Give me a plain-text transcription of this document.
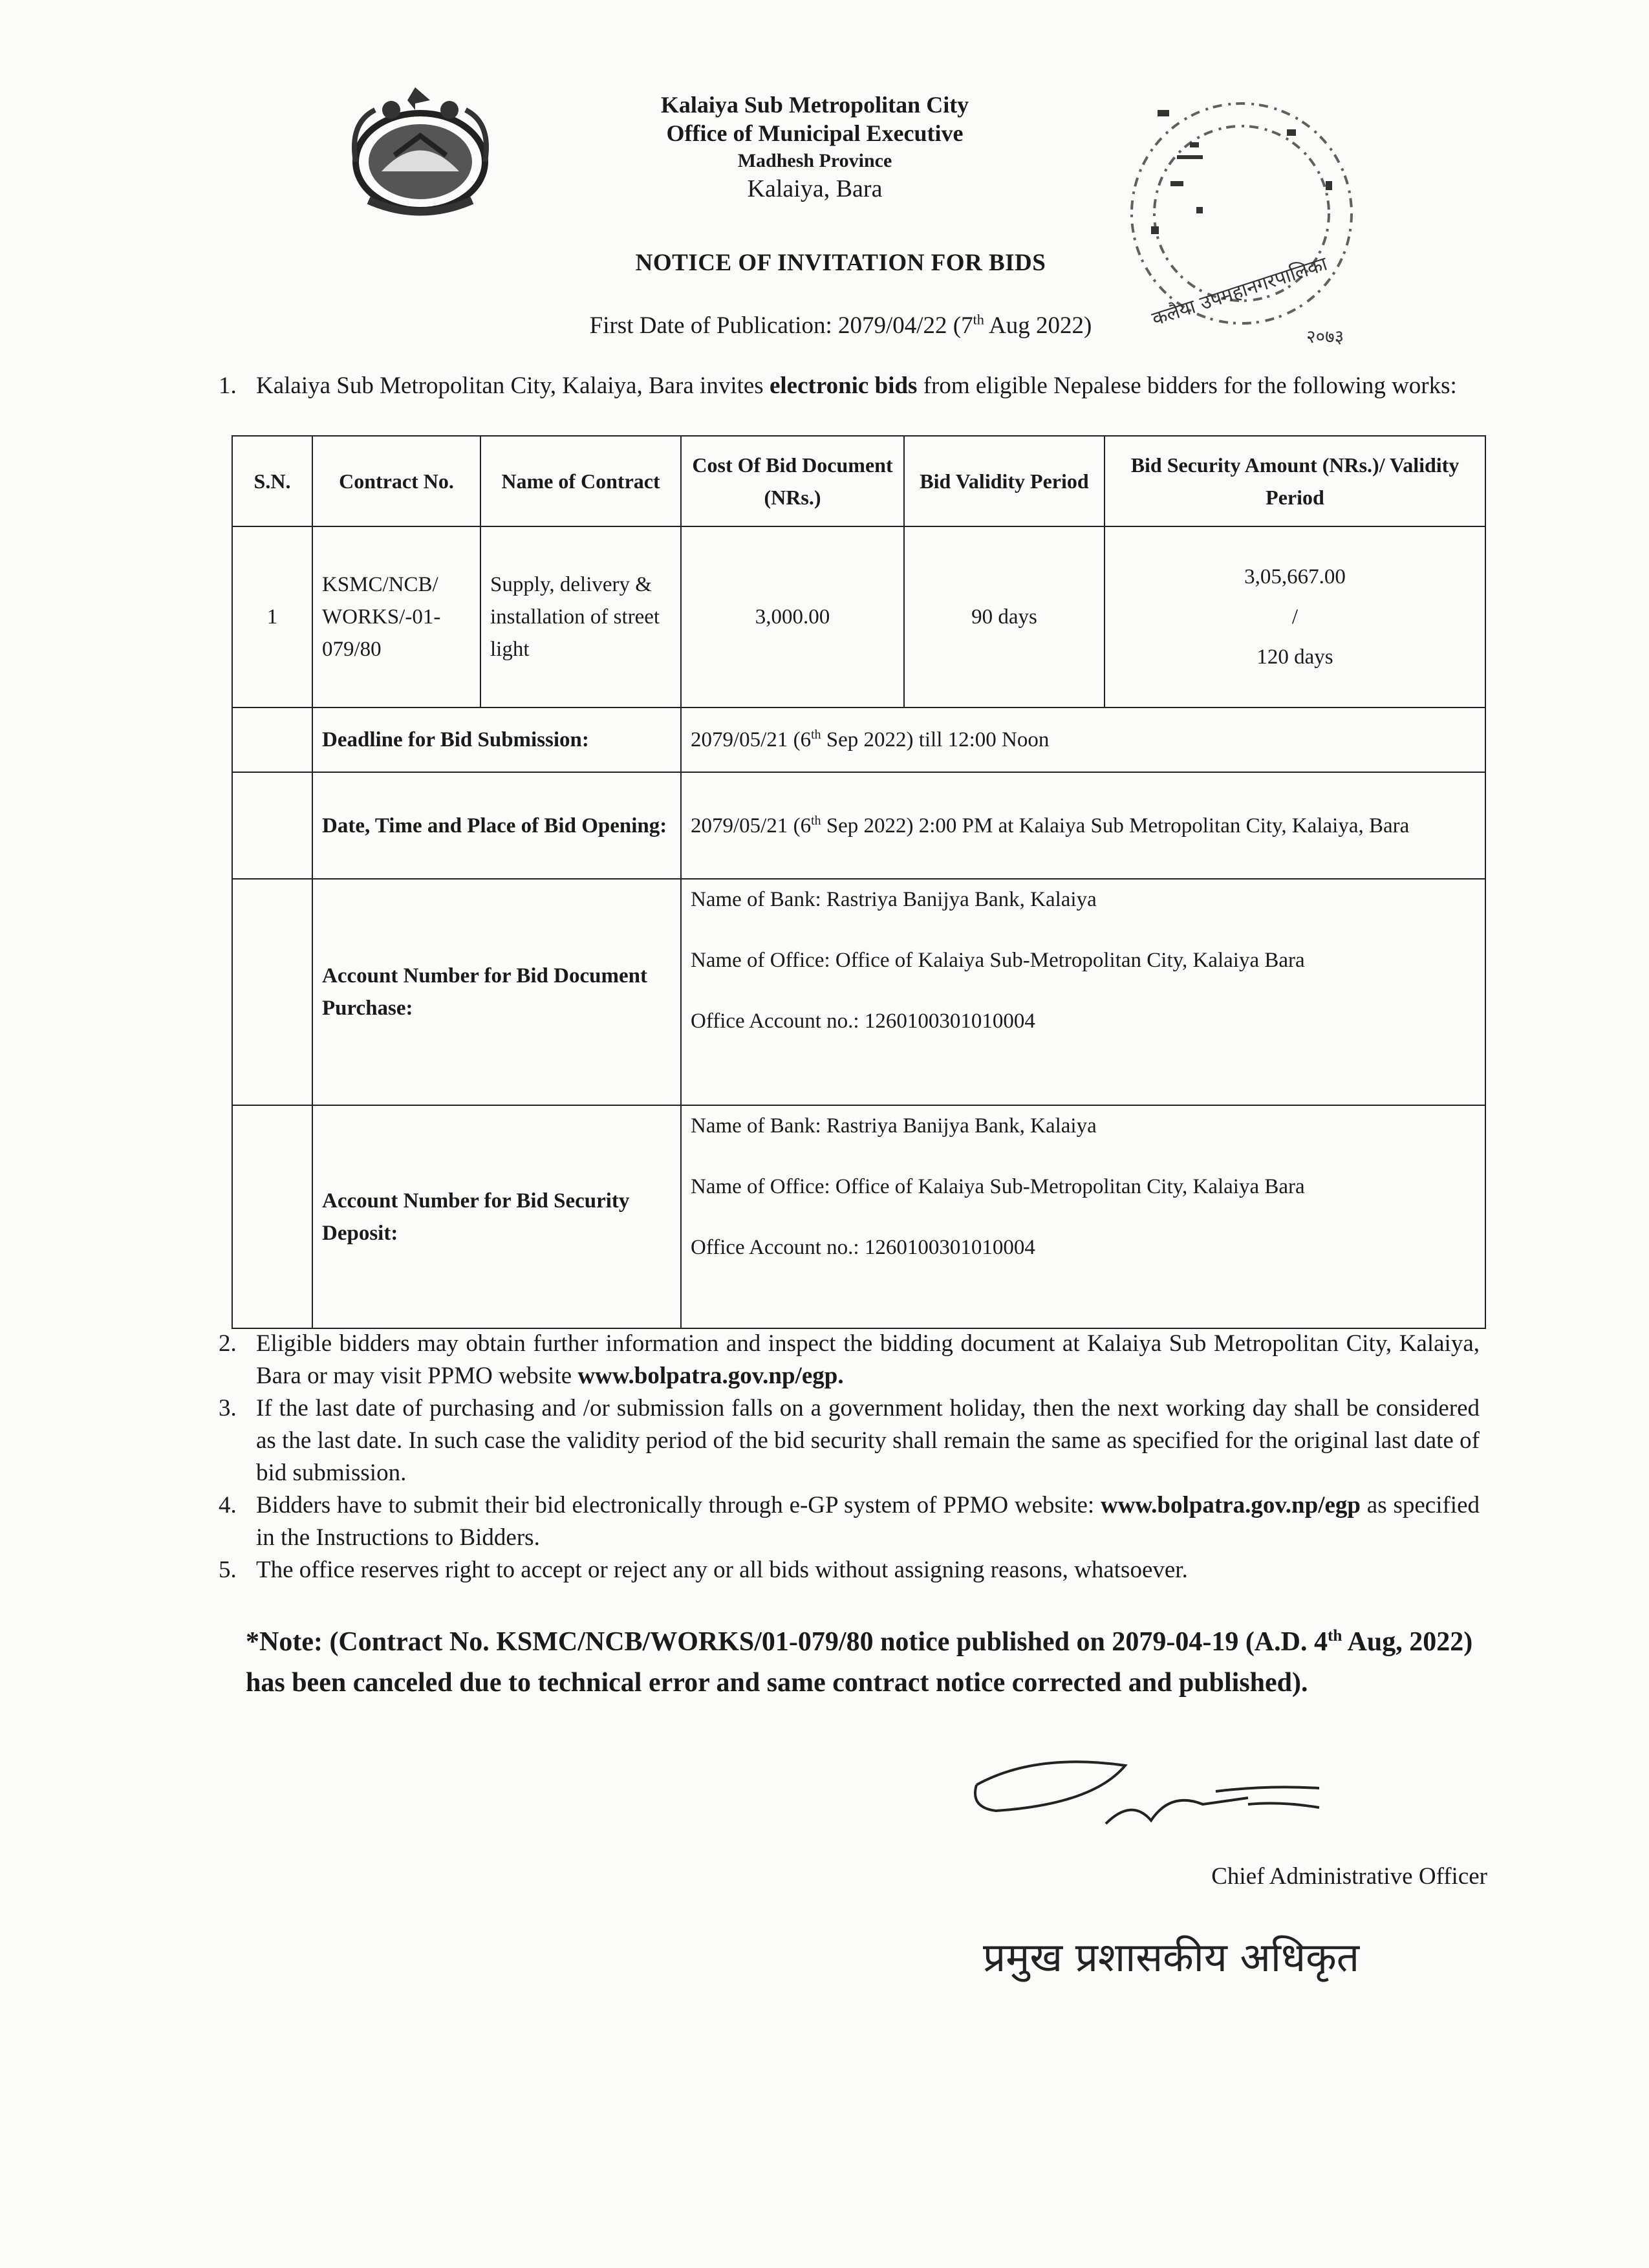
Kalaiya Sub Metropolitan City
Office of Municipal Executive
Madhesh Province
Kalaiya, Bara
कलैया उपमहानगरपालिका
२०७३
NOTICE OF INVITATION FOR BIDS
First Date of Publication: 2079/04/22 (7th Aug 2022)
1. Kalaiya Sub Metropolitan City, Kalaiya, Bara invites electronic bids from eligible Nepalese bidders for the following works:
S.N.	Contract No.	Name of Contract	Cost Of Bid Document (NRs.)	Bid Validity Period	Bid Security Amount (NRs.)/ Validity Period
1	KSMC/NCB/ WORKS/-01-079/80	Supply, delivery & installation of street light	3,000.00	90 days	3,05,667.00
/
120 days

	Deadline for Bid Submission:		2079/05/21 (6th Sep 2022) till 12:00 Noon		
	Date, Time and Place of Bid Opening:		2079/05/21 (6th Sep 2022) 2:00 PM at Kalaiya Sub Metropolitan City, Kalaiya, Bara		
	Account Number for Bid Document Purchase:		Name of Bank: Rastriya Banijya Bank, Kalaiya

Name of Office: Office of Kalaiya Sub-Metropolitan City, Kalaiya Bara

Office Account no.: 1260100301010004		

	Account Number for Bid Security Deposit:		Name of Bank: Rastriya Banijya Bank, Kalaiya

Name of Office: Office of Kalaiya Sub-Metropolitan City, Kalaiya Bara

Office Account no.: 1260100301010004		

2. Eligible bidders may obtain further information and inspect the bidding document at Kalaiya Sub Metropolitan City, Kalaiya, Bara or may visit PPMO website www.bolpatra.gov.np/egp.
3. If the last date of purchasing and /or submission falls on a government holiday, then the next working day shall be considered as the last date. In such case the validity period of the bid security shall remain the same as specified for the original last date of bid submission.
4. Bidders have to submit their bid electronically through e-GP system of PPMO website: www.bolpatra.gov.np/egp as specified in the Instructions to Bidders.
5. The office reserves right to accept or reject any or all bids without assigning reasons, whatsoever.
*Note: (Contract No. KSMC/NCB/WORKS/01-079/80 notice published on 2079-04-19 (A.D. 4th Aug, 2022) has been canceled due to technical error and same contract notice corrected and published).
Chief Administrative Officer
प्रमुख प्रशासकीय अधिकृत
